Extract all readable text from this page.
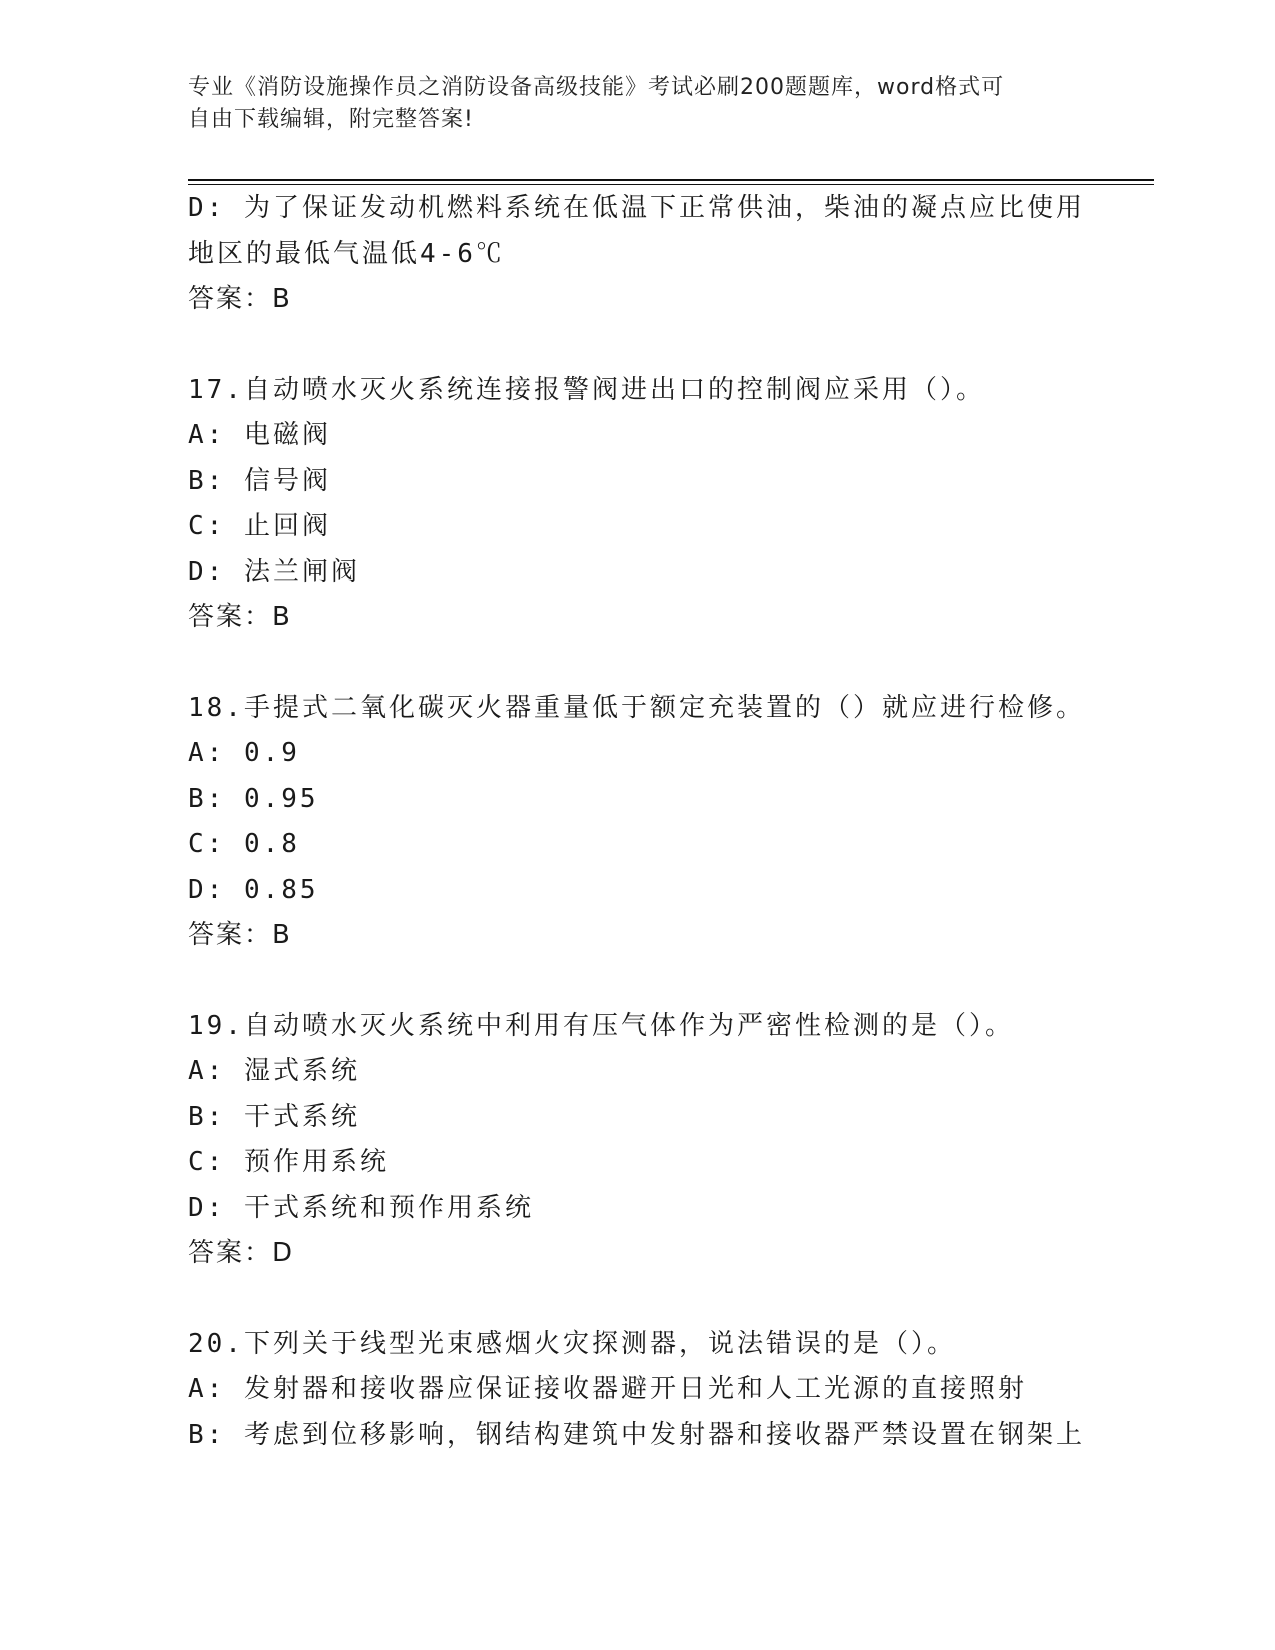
专业《消防设施操作员之消防设备高级技能》考试必刷200题题库，word格式可
自由下载编辑，附完整答案!
D: 为了保证发动机燃料系统在低温下正常供油，柴油的凝点应比使用
地区的最低气温低4-6℃
答案：B
17.自动喷水灭火系统连接报警阀进出口的控制阀应采用（）。
A: 电磁阀
B: 信号阀
C: 止回阀
D: 法兰闸阀
答案：B
18.手提式二氧化碳灭火器重量低于额定充装置的（）就应进行检修。
A: 0.9
B: 0.95
C: 0.8
D: 0.85
答案：B
19.自动喷水灭火系统中利用有压气体作为严密性检测的是（）。
A: 湿式系统
B: 干式系统
C: 预作用系统
D: 干式系统和预作用系统
答案：D
20.下列关于线型光束感烟火灾探测器，说法错误的是（）。
A: 发射器和接收器应保证接收器避开日光和人工光源的直接照射
B: 考虑到位移影响，钢结构建筑中发射器和接收器严禁设置在钢架上
